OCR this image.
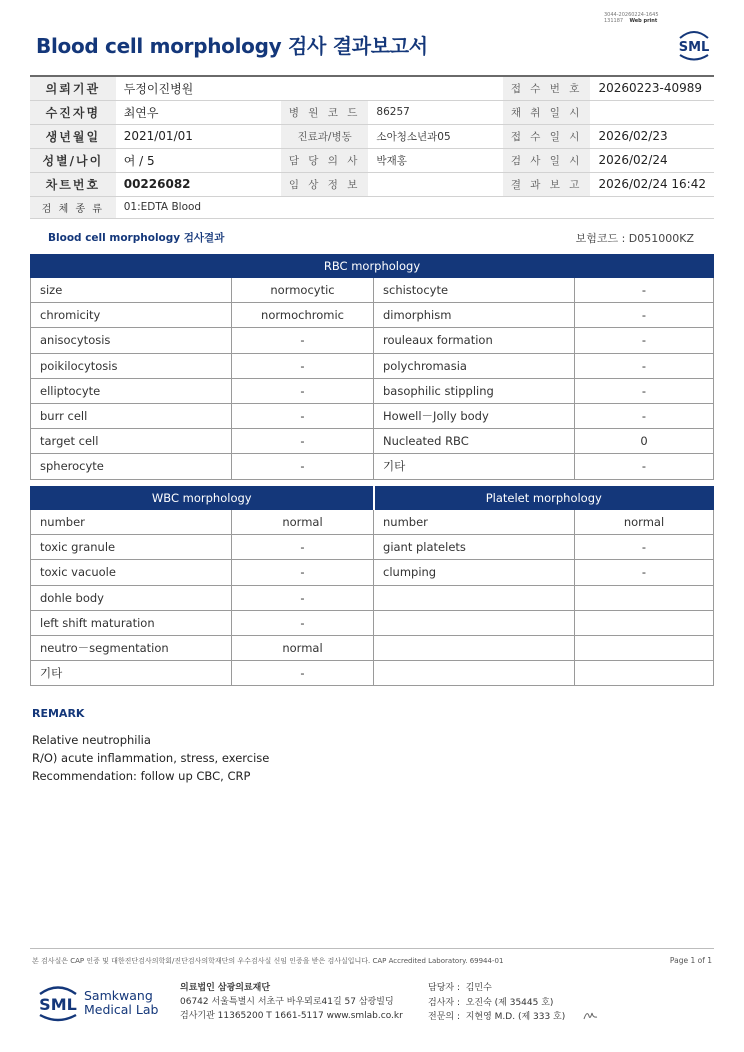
3044-20260224-1645
131187 Web print
Blood cell morphology 검사 결과보고서	SML
의뢰기관	두정이진병원			접 수 번 호	20260223-40989
수진자명	최연우	병 원 코 드	86257	채 취 일 시	
생년월일	2021/01/01	진료과/병동	소아청소년과05	접 수 일 시	2026/02/23
성별/나이	여 / 5	담 당 의 사	박재홍	검 사 일 시	2026/02/24
차트번호	00226082	임 상 정 보		결 과 보 고	2026/02/24 16:42
검 체 종 류	01:EDTA Blood				
Blood cell morphology 검사결과	보험코드 : D051000KZ
RBC morphology			
size	normocytic	schistocyte	-
chromicity	normochromic	dimorphism	-
anisocytosis	-	rouleaux formation	-
poikilocytosis	-	polychromasia	-
elliptocyte	-	basophilic stippling	-
burr cell	-	Howell－Jolly body	-
target cell	-	Nucleated RBC	0
spherocyte	-	기타	-
WBC morphology		Platelet morphology	
number	normal	number	normal
toxic granule	-	giant platelets	-
toxic vacuole	-	clumping	-
dohle body	-		
left shift maturation	-		
neutro－segmentation	normal		
기타	-		
REMARK
Relative neutrophilia
R/O) acute inflammation, stress, exercise
Recommendation: follow up CBC, CRP
본 검사실은 CAP 인증 및 대한진단검사의학회/진단검사의학재단의 우수검사실 신임 인증을 받은 검사실입니다. CAP Accredited Laboratory. 69944-01	Page 1 of 1
SML Samkwang
Medical Lab
의료법인 삼광의료재단
06742 서울특별시 서초구 바우뫼로41길 57 삼광빌딩
검사기관 11365200 T 1661-5117 www.smlab.co.kr
담당자 : 김민수
검사자 : 오진숙 (제 35445 호)
전문의 : 지현영 M.D. (제 333 호)
